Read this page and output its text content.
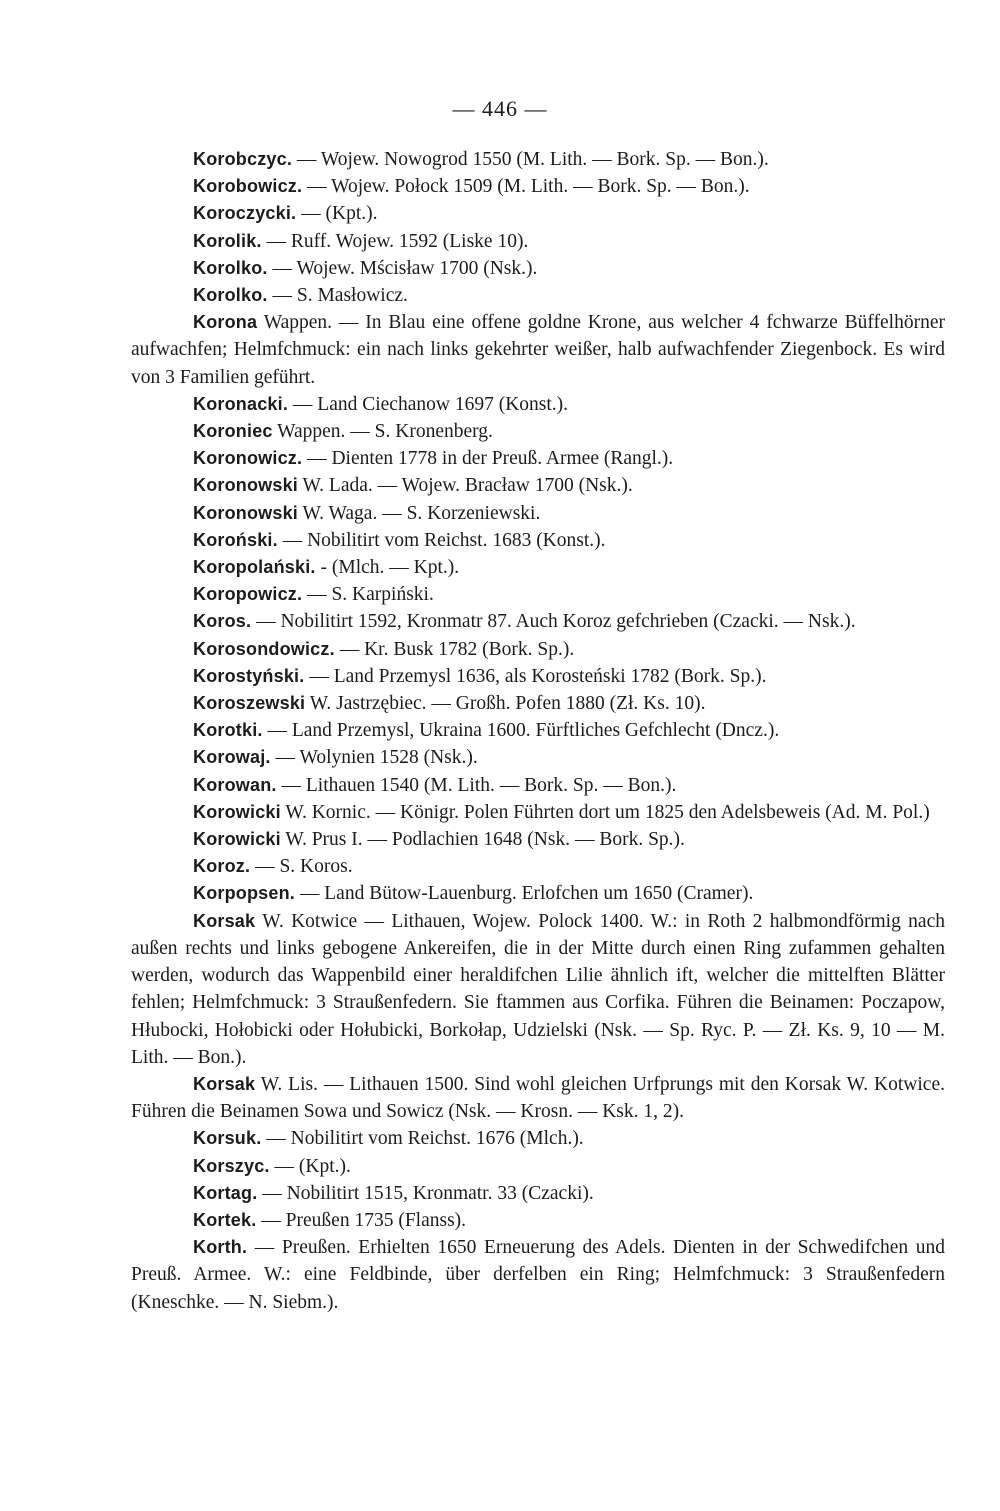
— 446 —

Korobczyc. — Wojew. Nowogrod 1550 (M. Lith. — Bork. Sp. — Bon.).

Korobowicz. — Wojew. Połock 1509 (M. Lith. — Bork. Sp. — Bon.).

Koroczycki. — (Kpt.).

Korolik. — Ruff. Wojew. 1592 (Liske 10).

Korolko. — Wojew. Mścisław 1700 (Nsk.).

Korolko. — S. Masłowicz.

Korona Wappen. — In Blau eine offene goldne Krone, aus welcher 4 fchwarze Büffelhörner aufwachfen; Helmfchmuck: ein nach links gekehrter weißer, halb aufwachfender Ziegenbock. Es wird von 3 Familien geführt.

Koronacki. — Land Ciechanow 1697 (Konst.).

Koroniec Wappen. — S. Kronenberg.

Koronowicz. — Dienten 1778 in der Preuß. Armee (Rangl.).

Koronowski W. Lada. — Wojew. Bracław 1700 (Nsk.).

Koronowski W. Waga. — S. Korzeniewski.

Koroński. — Nobilitirt vom Reichst. 1683 (Konst.).

Koropolański. - (Mlch. — Kpt.).

Koropowicz. — S. Karpiński.

Koros. — Nobilitirt 1592, Kronmatr 87. Auch Koroz gefchrieben (Czacki. — Nsk.).

Korosondowicz. — Kr. Busk 1782 (Bork. Sp.).

Korostyński. — Land Przemysl 1636, als Korosteński 1782 (Bork. Sp.).

Koroszewski W. Jastrzębiec. — Großh. Pofen 1880 (Zł. Ks. 10).

Korotki. — Land Przemysl, Ukraina 1600. Fürftliches Gefchlecht (Dncz.).

Korowaj. — Wolynien 1528 (Nsk.).

Korowan. — Lithauen 1540 (M. Lith. — Bork. Sp. — Bon.).

Korowicki W. Kornic. — Königr. Polen Führten dort um 1825 den Adelsbeweis (Ad. M. Pol.)

Korowicki W. Prus I. — Podlachien 1648 (Nsk. — Bork. Sp.).

Koroz. — S. Koros.

Korpopsen. — Land Bütow-Lauenburg. Erlofchen um 1650 (Cramer).

Korsak W. Kotwice — Lithauen, Wojew. Polock 1400. W.: in Roth 2 halbmondförmig nach außen rechts und links gebogene Ankereifen, die in der Mitte durch einen Ring zufammen gehalten werden, wodurch das Wappenbild einer heraldifchen Lilie ähnlich ift, welcher die mittelften Blätter fehlen; Helmfchmuck: 3 Straußenfedern. Sie ftammen aus Corfika. Führen die Beinamen: Poczapow, Hłubocki, Hołobicki oder Hołubicki, Borkołap, Udzielski (Nsk. — Sp. Ryc. P. — Zł. Ks. 9, 10 — M. Lith. — Bon.).

Korsak W. Lis. — Lithauen 1500. Sind wohl gleichen Urfprungs mit den Korsak W. Kotwice. Führen die Beinamen Sowa und Sowicz (Nsk. — Krosn. — Ksk. 1, 2).

Korsuk. — Nobilitirt vom Reichst. 1676 (Mlch.).

Korszyc. — (Kpt.).

Kortag. — Nobilitirt 1515, Kronmatr. 33 (Czacki).

Kortek. — Preußen 1735 (Flanss).

Korth. — Preußen. Erhielten 1650 Erneuerung des Adels. Dienten in der Schwedifchen und Preuß. Armee. W.: eine Feldbinde, über derfelben ein Ring; Helmfchmuck: 3 Straußenfedern (Kneschke. — N. Siebm.).
